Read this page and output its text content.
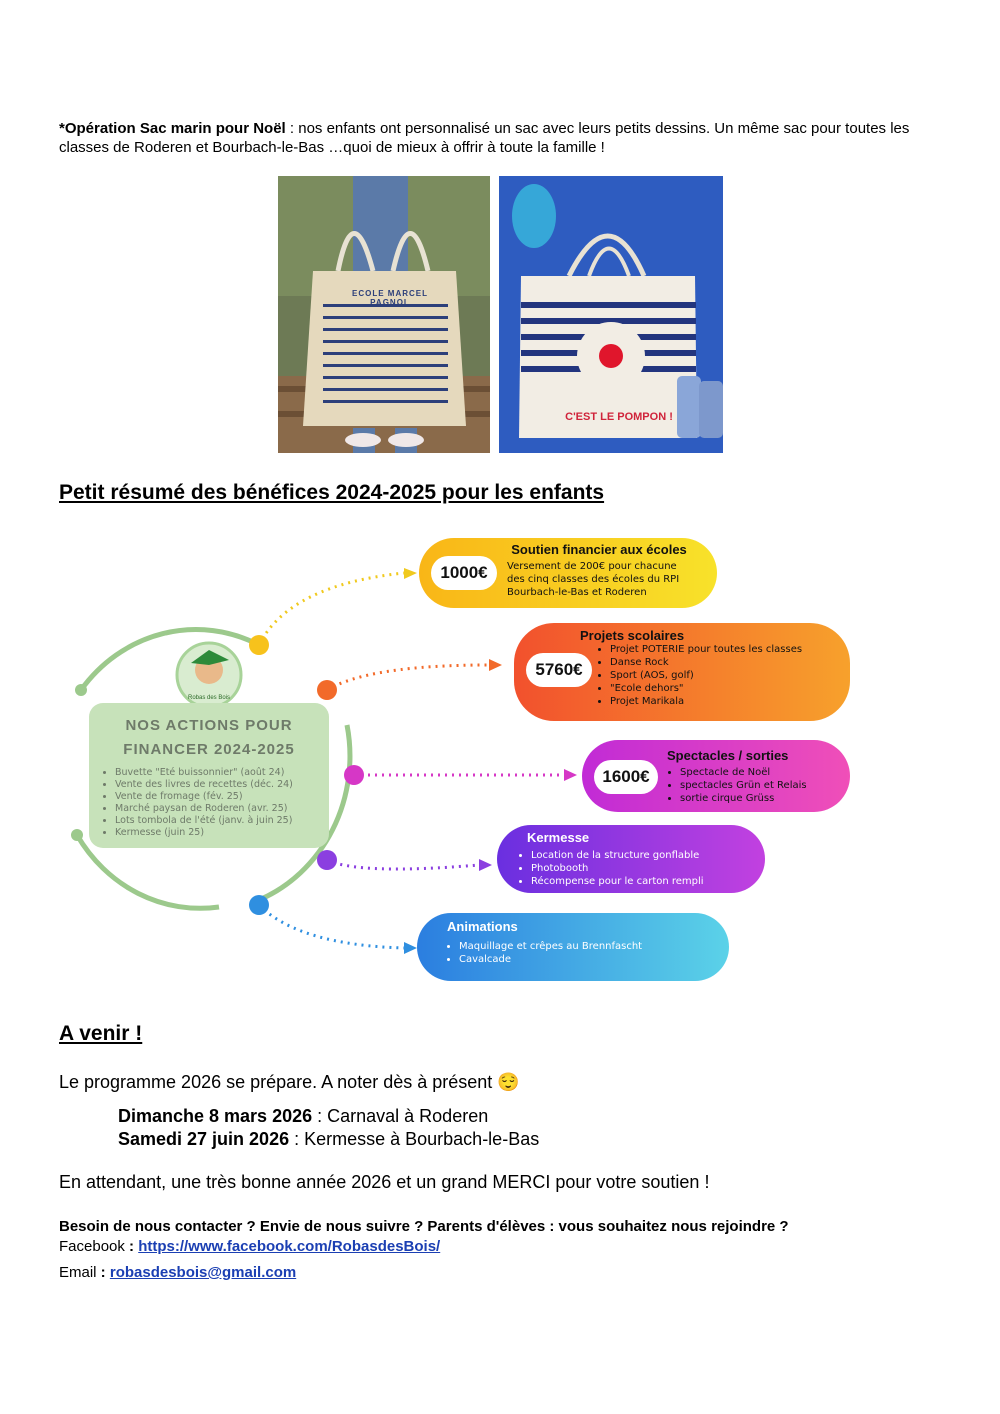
*Opération Sac marin pour Noël : nos enfants ont personnalisé un sac avec leurs petits dessins. Un même sac pour toutes les classes de Roderen et Bourbach-le-Bas …quoi de mieux à offrir à toute la famille !
ECOLE MARCEL PAGNOL
C'EST LE POMPON !
Petit résumé des bénéfices 2024-2025 pour les enfants
Robas des Bois
NOS ACTIONS POUR
FINANCER 2024-2025
• Buvette "Eté buissonnier" (août 24)
• Vente des livres de recettes (déc. 24)
• Vente de fromage (fév. 25)
• Marché paysan de Roderen (avr. 25)
• Lots tombola de l'été (janv. à juin 25)
• Kermesse (juin 25)
1000€
Soutien financier aux écoles
Versement de 200€ pour chacune des cinq classes des écoles du RPI Bourbach-le-Bas et Roderen
5760€
Projets scolaires
• Projet POTERIE pour toutes les classes
• Danse Rock
• Sport (AOS, golf)
• "Ecole dehors"
• Projet Marikala
1600€
Spectacles / sorties
• Spectacle de Noël
• spectacles Grün et Relais
• sortie cirque Grüss
Kermesse
• Location de la structure gonflable
• Photobooth
• Récompense pour le carton rempli
Animations
• Maquillage et crêpes au Brennfascht
• Cavalcade
A venir !
Le programme 2026 se prépare. A noter dès à présent 😌
Dimanche 8 mars 2026 : Carnaval à Roderen
Samedi 27 juin 2026 : Kermesse à Bourbach-le-Bas
En attendant, une très bonne année 2026 et un grand MERCI pour votre soutien !
Besoin de nous contacter ? Envie de nous suivre ? Parents d'élèves : vous souhaitez nous rejoindre ?
Facebook : https://www.facebook.com/RobasdesBois/
Email : robasdesbois@gmail.com
